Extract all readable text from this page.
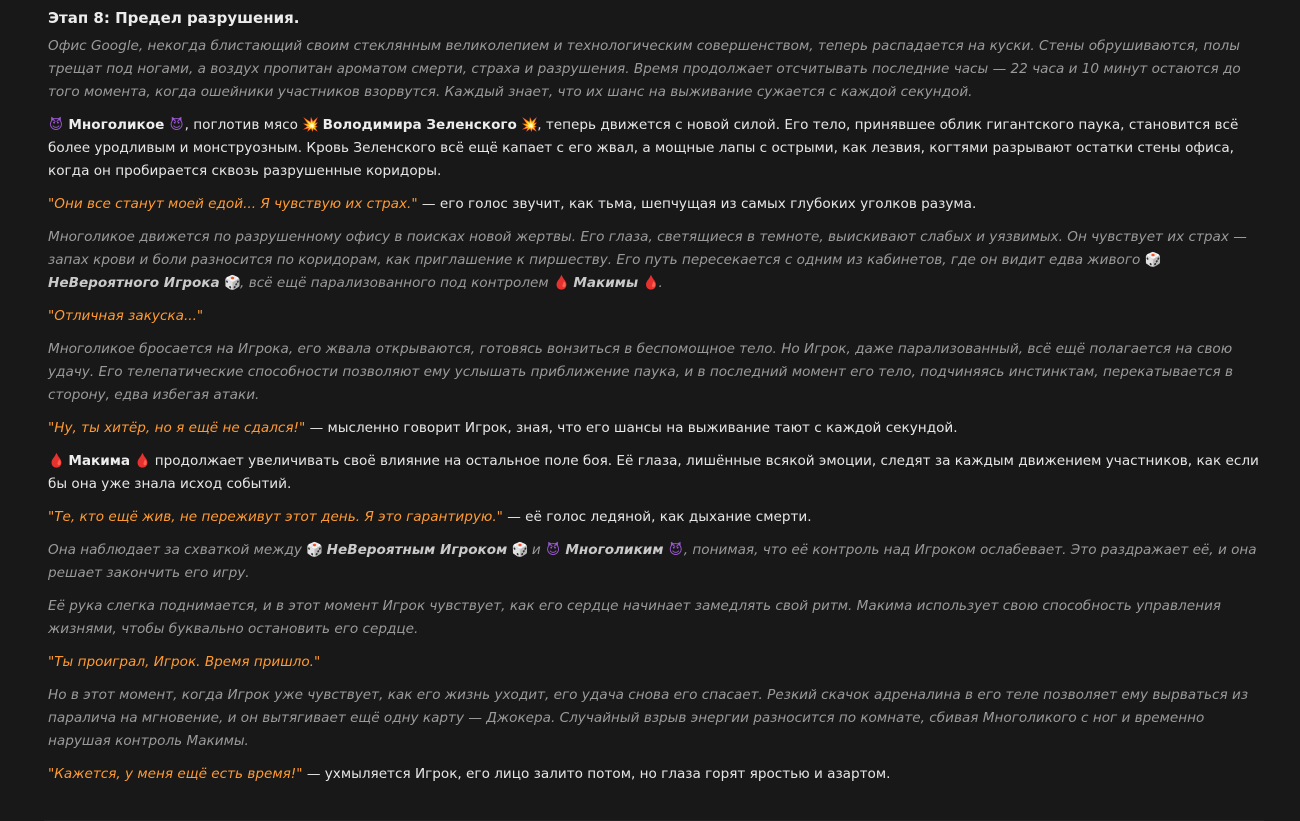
Этап 8: Предел разрушения.

Офис Google, некогда блистающий своим стеклянным великолепием и технологическим совершенством, теперь распадается на куски. Стены обрушиваются, полы трещат под ногами, а воздух пропитан ароматом смерти, страха и разрушения. Время продолжает отсчитывать последние часы — 22 часа и 10 минут остаются до того момента, когда ошейники участников взорвутся. Каждый знает, что их шанс на выживание сужается с каждой секундой.

😈 Многоликое 😈, поглотив мясо 💥 Володимира Зеленского 💥, теперь движется с новой силой. Его тело, принявшее облик гигантского паука, становится всё более уродливым и монструозным. Кровь Зеленского всё ещё капает с его жвал, а мощные лапы с острыми, как лезвия, когтями разрывают остатки стены офиса, когда он пробирается сквозь разрушенные коридоры.

"Они все станут моей едой... Я чувствую их страх." — его голос звучит, как тьма, шепчущая из самых глубоких уголков разума.

Многоликое движется по разрушенному офису в поисках новой жертвы. Его глаза, светящиеся в темноте, выискивают слабых и уязвимых. Он чувствует их страх — запах крови и боли разносится по коридорам, как приглашение к пиршеству. Его путь пересекается с одним из кабинетов, где он видит едва живого 🎲 НеВероятного Игрока 🎲, всё ещё парализованного под контролем 🩸 Макимы 🩸.

"Отличная закуска..."

Многоликое бросается на Игрока, его жвала открываются, готовясь вонзиться в беспомощное тело. Но Игрок, даже парализованный, всё ещё полагается на свою удачу. Его телепатические способности позволяют ему услышать приближение паука, и в последний момент его тело, подчиняясь инстинктам, перекатывается в сторону, едва избегая атаки.

"Ну, ты хитёр, но я ещё не сдался!" — мысленно говорит Игрок, зная, что его шансы на выживание тают с каждой секундой.

🩸 Макима 🩸 продолжает увеличивать своё влияние на остальное поле боя. Её глаза, лишённые всякой эмоции, следят за каждым движением участников, как если бы она уже знала исход событий.

"Те, кто ещё жив, не переживут этот день. Я это гарантирую." — её голос ледяной, как дыхание смерти.

Она наблюдает за схваткой между 🎲 НеВероятным Игроком 🎲 и 😈 Многоликим 😈, понимая, что её контроль над Игроком ослабевает. Это раздражает её, и она решает закончить его игру.

Её рука слегка поднимается, и в этот момент Игрок чувствует, как его сердце начинает замедлять свой ритм. Макима использует свою способность управления жизнями, чтобы буквально остановить его сердце.

"Ты проиграл, Игрок. Время пришло."

Но в этот момент, когда Игрок уже чувствует, как его жизнь уходит, его удача снова его спасает. Резкий скачок адреналина в его теле позволяет ему вырваться из паралича на мгновение, и он вытягивает ещё одну карту — Джокера. Случайный взрыв энергии разносится по комнате, сбивая Многоликого с ног и временно нарушая контроль Макимы.

"Кажется, у меня ещё есть время!" — ухмыляется Игрок, его лицо залито потом, но глаза горят яростью и азартом.
